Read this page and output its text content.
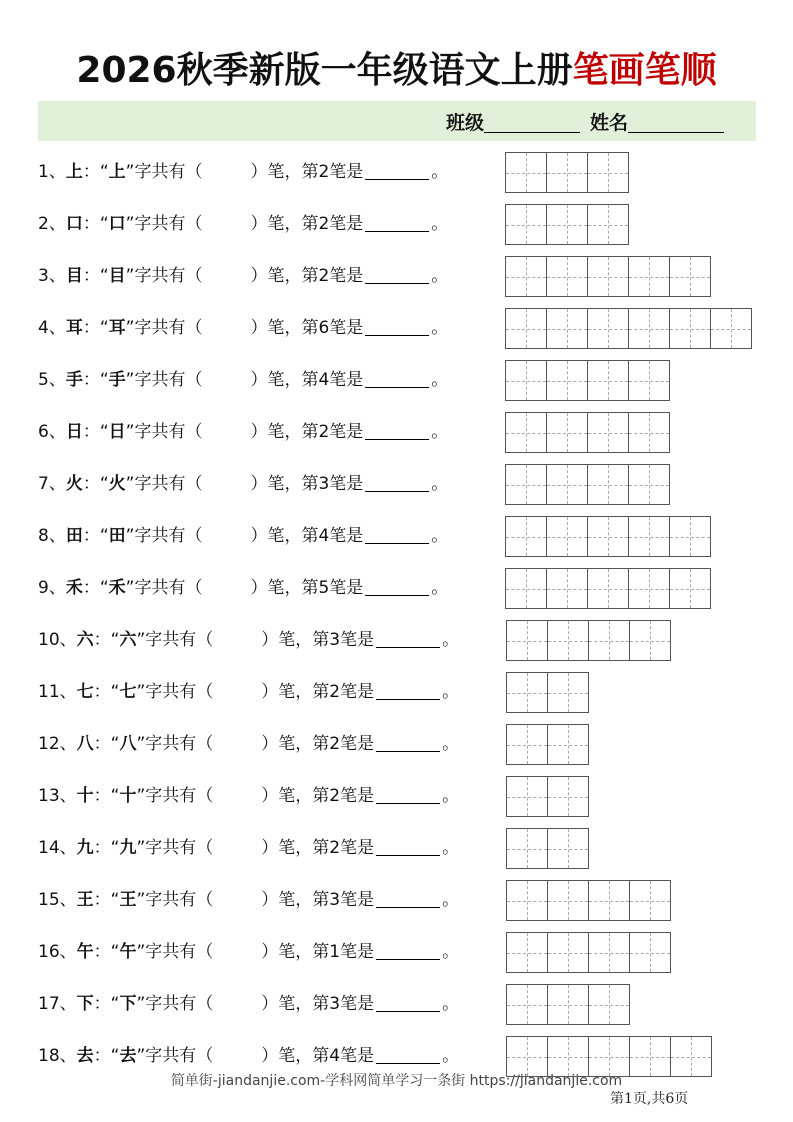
2026秋季新版一年级语文上册笔画笔顺
班级	姓名
1、上：“上”字共有（	）笔，第2笔是	。
2、口：“口”字共有（	）笔，第2笔是	。
3、目：“目”字共有（	）笔，第2笔是	。
4、耳：“耳”字共有（	）笔，第6笔是	。
5、手：“手”字共有（	）笔，第4笔是	。
6、日：“日”字共有（	）笔，第2笔是	。
7、火：“火”字共有（	）笔，第3笔是	。
8、田：“田”字共有（	）笔，第4笔是	。
9、禾：“禾”字共有（	）笔，第5笔是	。
10、六：“六”字共有（	）笔，第3笔是	。
11、七：“七”字共有（	）笔，第2笔是	。
12、八：“八”字共有（	）笔，第2笔是	。
13、十：“十”字共有（	）笔，第2笔是	。
14、九：“九”字共有（	）笔，第2笔是	。
15、王：“王”字共有（	）笔，第3笔是	。
16、午：“午”字共有（	）笔，第1笔是	。
17、下：“下”字共有（	）笔，第3笔是	。
18、去：“去”字共有（	）笔，第4笔是	。
简单街-jiandanjie.com-学科网简单学习一条街 https://jiandanjie.com
第1页,共6页
